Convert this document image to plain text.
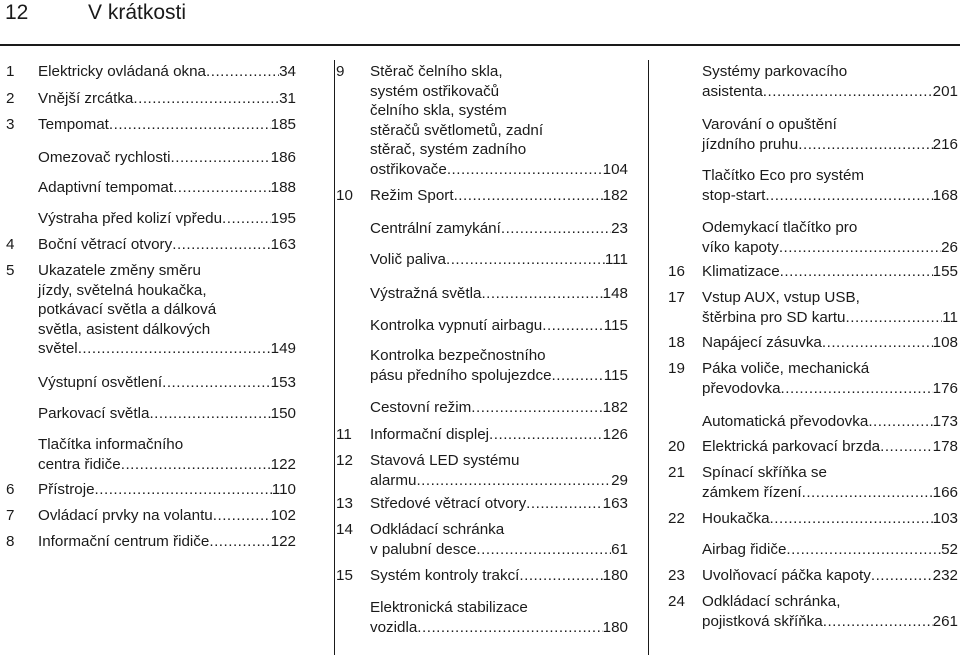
12	V krátkosti
1 Elektricky ovládaná okna .....	34
2 Vnější zrcátka .....	31
3 Tempomat .....	185
Omezovač rychlosti .....	186
Adaptivní tempomat .....	188
Výstraha před kolizí vpředu .....	195
4 Boční větrací otvory .....	163
5 Ukazatele změny směru
jízdy, světelná houkačka,
potkávací světla a dálková
světla, asistent dálkových
světel .....	149
Výstupní osvětlení .....	153
Parkovací světla .....	150
Tlačítka informačního
centra řidiče .....	122
6 Přístroje .....	110
7 Ovládací prvky na volantu .....	102
8 Informační centrum řidiče .....	122
9 Stěrač čelního skla,
systém ostřikovačů
čelního skla, systém
stěračů světlometů, zadní
stěrač, systém zadního
ostřikovače .....	104
10 Režim Sport .....	182
Centrální zamykání .....	23
Volič paliva .....	111
Výstražná světla .....	148
Kontrolka vypnutí airbagu .....	115
Kontrolka bezpečnostního
pásu předního spolujezdce .....	115
Cestovní režim .....	182
11 Informační displej .....	126
12 Stavová LED systému
alarmu .....	29
13 Středové větrací otvory .....	163
14 Odkládací schránka
v palubní desce .....	61
15 Systém kontroly trakcí .....	180
Elektronická stabilizace
vozidla .....	180
Systémy parkovacího
asistenta .....	201
Varování o opuštění
jízdního pruhu .....	216
Tlačítko Eco pro systém
stop-start .....	168
Odemykací tlačítko pro
víko kapoty .....	26
16 Klimatizace .....	155
17 Vstup AUX, vstup USB,
štěrbina pro SD kartu .....	11
18 Napájecí zásuvka .....	108
19 Páka voliče, mechanická
převodovka .....	176
Automatická převodovka .....	173
20 Elektrická parkovací brzda .....	178
21 Spínací skříňka se
zámkem řízení .....	166
22 Houkačka .....	103
Airbag řidiče .....	52
23 Uvolňovací páčka kapoty .....	232
24 Odkládací schránka,
pojistková skříňka .....	261
